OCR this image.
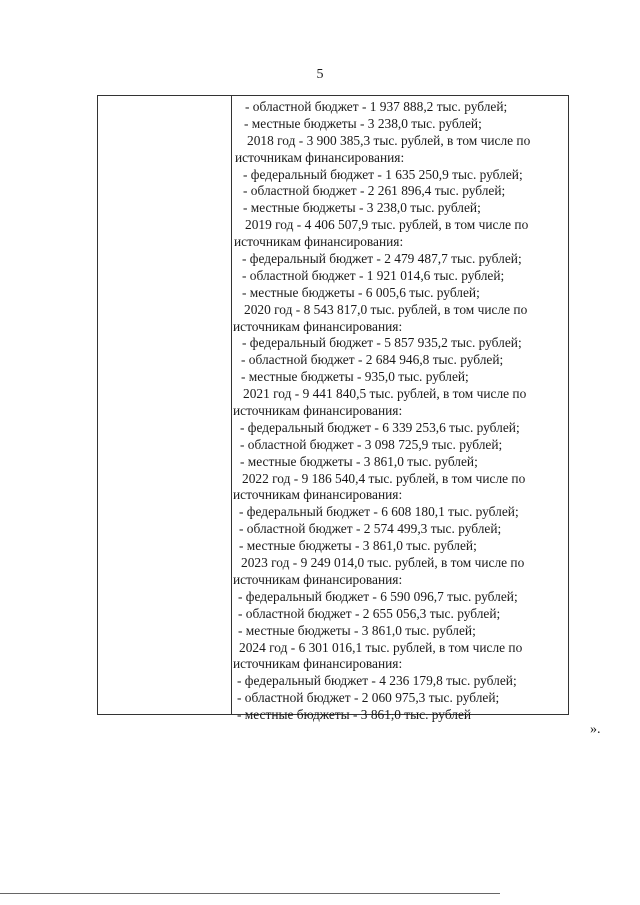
5
- областной бюджет - 1 937 888,2 тыс. рублей;
- местные бюджеты - 3 238,0 тыс. рублей;
2018 год - 3 900 385,3 тыс. рублей, в том числе по
источникам финансирования:
- федеральный бюджет - 1 635 250,9 тыс. рублей;
- областной бюджет - 2 261 896,4 тыс. рублей;
- местные бюджеты - 3 238,0 тыс. рублей;
2019 год - 4 406 507,9 тыс. рублей, в том числе по
источникам финансирования:
- федеральный бюджет - 2 479 487,7 тыс. рублей;
- областной бюджет - 1 921 014,6 тыс. рублей;
- местные бюджеты - 6 005,6 тыс. рублей;
2020 год - 8 543 817,0 тыс. рублей, в том числе по
источникам финансирования:
- федеральный бюджет - 5 857 935,2 тыс. рублей;
- областной бюджет - 2 684 946,8 тыс. рублей;
- местные бюджеты - 935,0 тыс. рублей;
2021 год - 9 441 840,5 тыс. рублей, в том числе по
источникам финансирования:
- федеральный бюджет - 6 339 253,6 тыс. рублей;
- областной бюджет - 3 098 725,9 тыс. рублей;
- местные бюджеты - 3 861,0 тыс. рублей;
2022 год - 9 186 540,4 тыс. рублей, в том числе по
источникам финансирования:
- федеральный бюджет - 6 608 180,1 тыс. рублей;
- областной бюджет - 2 574 499,3 тыс. рублей;
- местные бюджеты - 3 861,0 тыс. рублей;
2023 год - 9 249 014,0 тыс. рублей, в том числе по
источникам финансирования:
- федеральный бюджет - 6 590 096,7 тыс. рублей;
- областной бюджет - 2 655 056,3 тыс. рублей;
- местные бюджеты - 3 861,0 тыс. рублей;
2024 год - 6 301 016,1 тыс. рублей, в том числе по
источникам финансирования:
- федеральный бюджет - 4 236 179,8 тыс. рублей;
- областной бюджет - 2 060 975,3 тыс. рублей;
- местные бюджеты - 3 861,0 тыс. рублей
».
